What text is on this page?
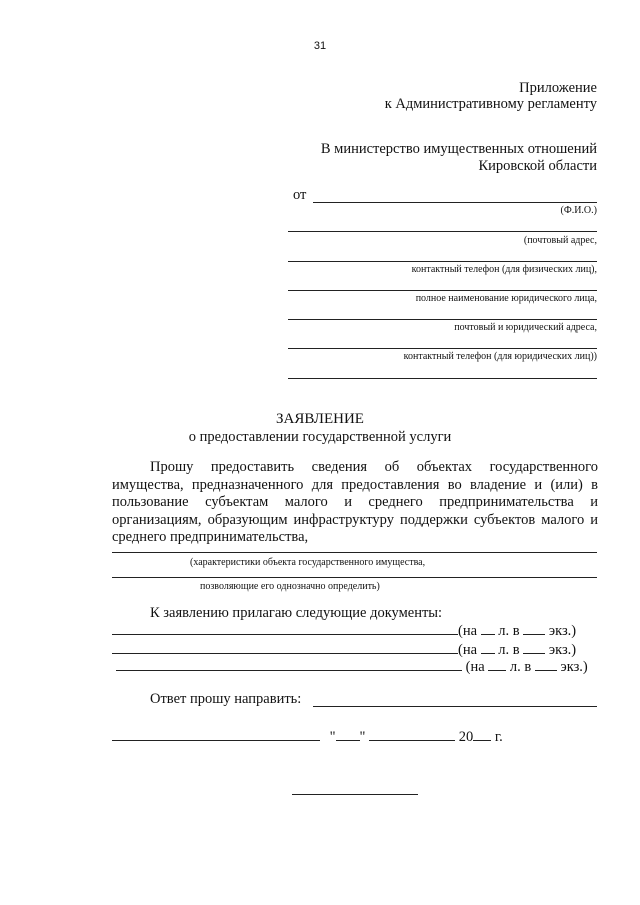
31
Приложение
к Административному регламенту
В министерство имущественных отношений
Кировской области
от
(Ф.И.О.)
(почтовый адрес,
контактный телефон (для физических лиц),
полное наименование юридического лица,
почтовый и юридический адреса,
контактный телефон (для юридических лиц))
ЗАЯВЛЕНИЕ
о предоставлении государственной услуги

Прошу предоставить сведения об объектах государственного имущества, предназначенного для предоставления во владение и (или) в пользование субъектам малого и среднего предпринимательства и организациям, образующим инфраструктуру поддержки субъектов малого и среднего предпринимательства,

(характеристики объекта государственного имущества,
позволяющие его однозначно определить)
К заявлению прилагаю следующие документы:
(на л. в экз.)
(на л. в экз.)
(на л. в экз.)
Ответ прошу направить:
" "	20 г.
